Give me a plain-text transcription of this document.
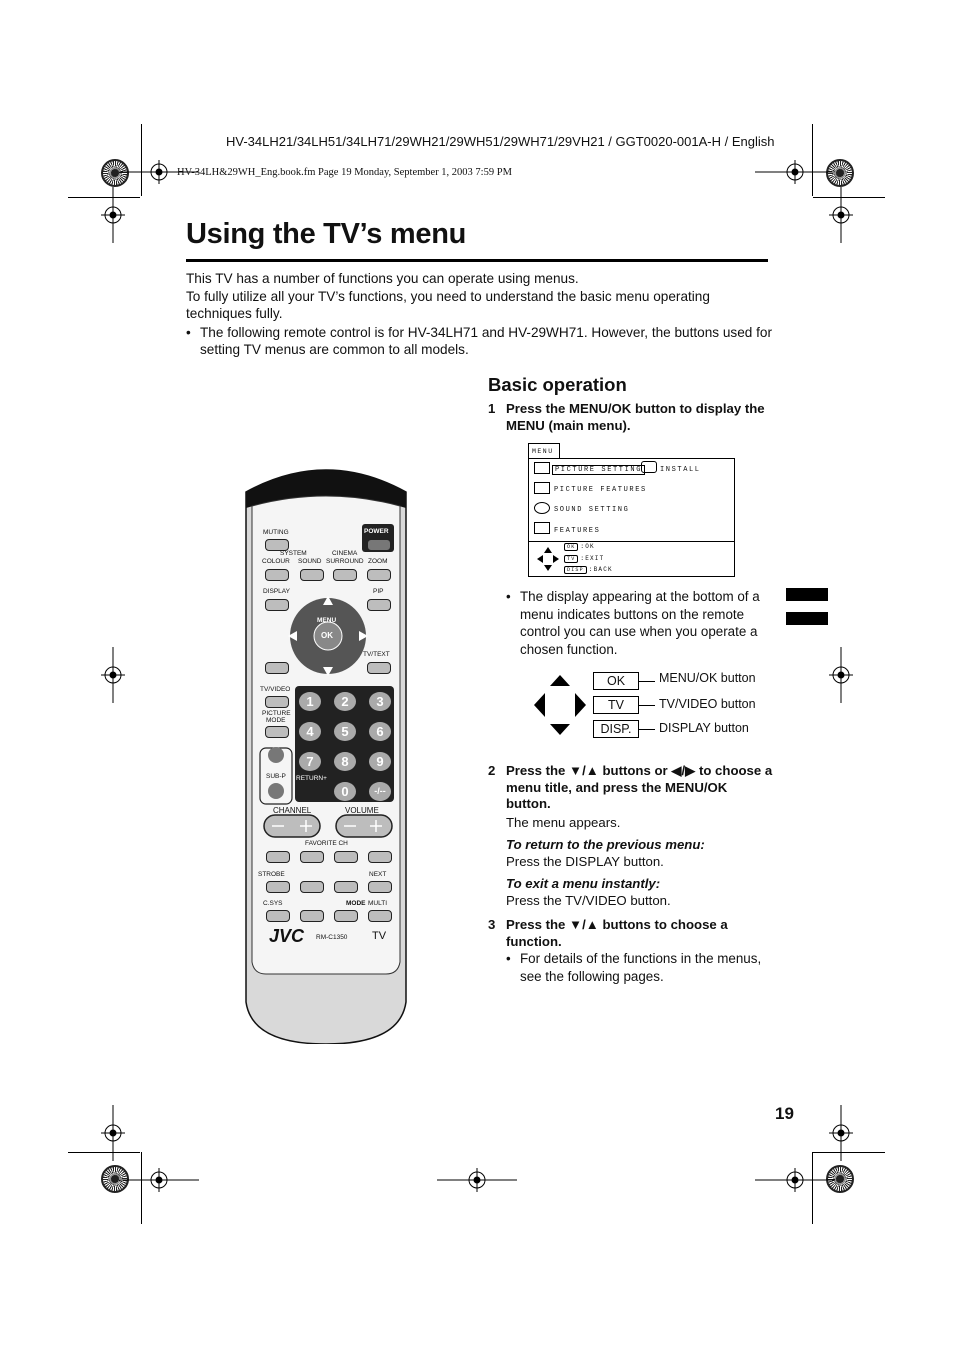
HV-34LH21/34LH51/34LH71/29WH21/29WH51/29WH71/29VH21 / GGT0020-001A-H / English
HV-34LH&29WH_Eng.book.fm Page 19 Monday, September 1, 2003 7:59 PM
Using the TV’s menu

This TV has a number of functions you can operate using menus.

To fully utilize all your TV’s functions, you need to understand the basic menu operating techniques fully.

• The following remote control is for HV-34LH71 and HV-29WH71. However, the buttons used for setting TV menus are common to all models.
MUTING	POWER
SYSTEM	CINEMA
COLOUR SOUND SURROUND ZOOM
DISPLAY	PIP
MENU
OK
TV/TEXT
TV/VIDEO
PICTURE
MODE
SUB-P RETURN+
1	2	3
4	5	6
7	8	9
0	-/--
CHANNEL	VOLUME
FAVORITE CH
STROBE	NEXT
C.SYS	MODE MULTI
JVC RM-C1350 TV
Basic operation
1 Press the MENU/OK button to display the MENU (main menu).
MENU
PICTURE SETTING	INSTALL
PICTURE FEATURES
SOUND SETTING
FEATURES
OK :OK
TV :EXIT
DISP :BACK
• The display appearing at the bottom of a menu indicates buttons on the remote control you can use when you operate a chosen function.
OK
TV
DISP.
MENU/OK button
TV/VIDEO button
DISPLAY button
2 Press the ▼/▲ buttons or ◀/▶ to choose a menu title, and press the MENU/OK button.
The menu appears.
To return to the previous menu:
Press the DISPLAY button.
To exit a menu instantly:
Press the TV/VIDEO button.
3 Press the ▼/▲ buttons to choose a function.
• For details of the functions in the menus, see the following pages.
19
